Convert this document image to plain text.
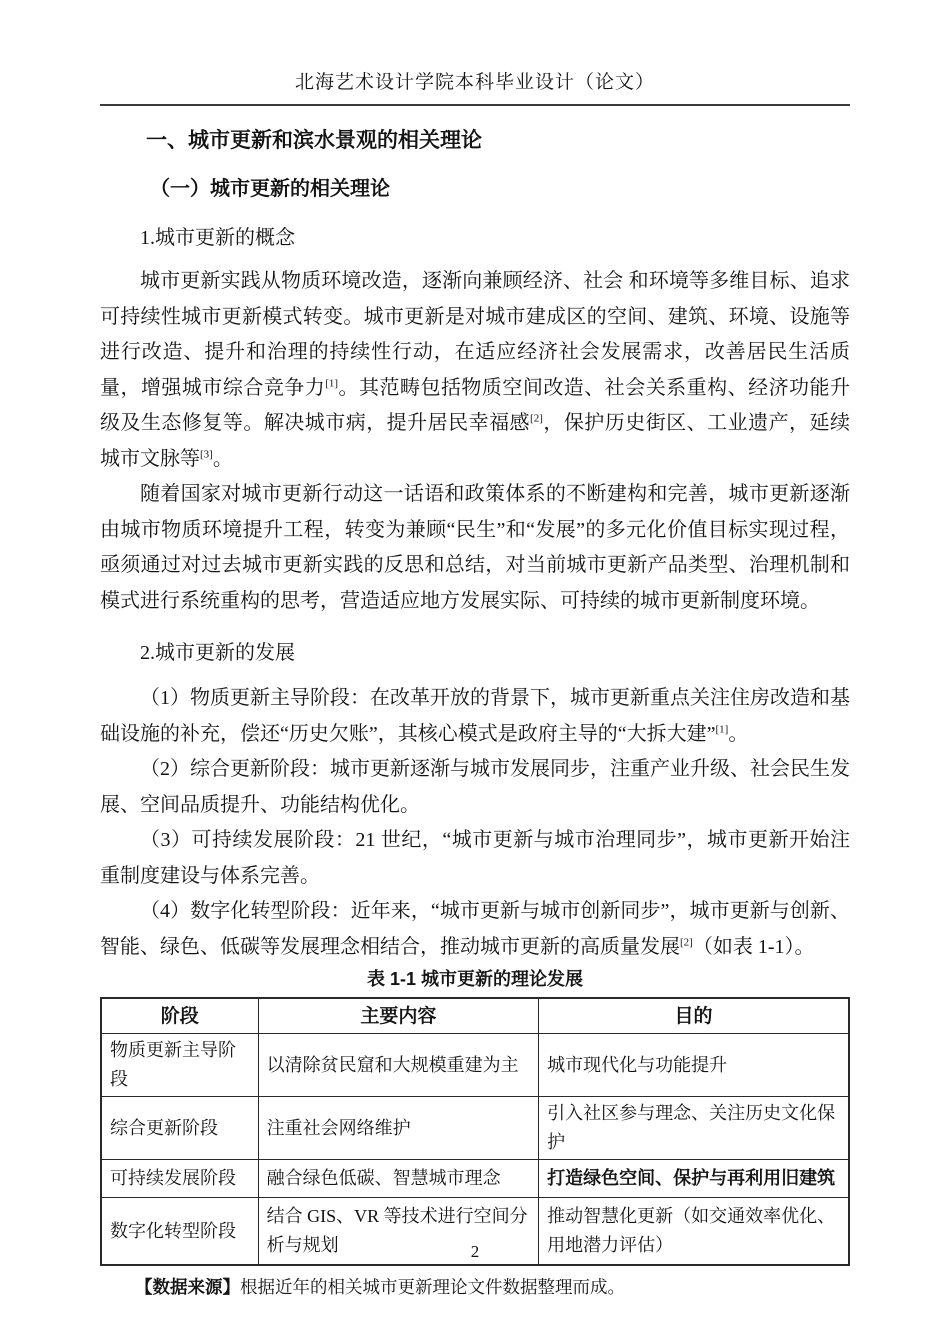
北海艺术设计学院本科毕业设计（论文）
一、城市更新和滨水景观的相关理论
（一）城市更新的相关理论
1.城市更新的概念

城市更新实践从物质环境改造，逐渐向兼顾经济、社会 和环境等多维目标、追求可持续性城市更新模式转变。城市更新是对城市建成区的空间、建筑、环境、设施等进行改造、提升和治理的持续性行动，在适应经济社会发展需求，改善居民生活质量，增强城市综合竞争力[1]。其范畴包括物质空间改造、社会关系重构、经济功能升级及生态修复等。解决城市病，提升居民幸福感[2]，保护历史街区、工业遗产，延续城市文脉等[3]。

随着国家对城市更新行动这一话语和政策体系的不断建构和完善，城市更新逐渐由城市物质环境提升工程，转变为兼顾“民生”和“发展”的多元化价值目标实现过程，亟须通过对过去城市更新实践的反思和总结，对当前城市更新产品类型、治理机制和模式进行系统重构的思考，营造适应地方发展实际、可持续的城市更新制度环境。

2.城市更新的发展

（1）物质更新主导阶段：在改革开放的背景下，城市更新重点关注住房改造和基础设施的补充，偿还“历史欠账”，其核心模式是政府主导的“大拆大建”[1]。

（2）综合更新阶段：城市更新逐渐与城市发展同步，注重产业升级、社会民生发展、空间品质提升、功能结构优化。

（3）可持续发展阶段：21 世纪，“城市更新与城市治理同步”，城市更新开始注重制度建设与体系完善。

（4）数字化转型阶段：近年来，“城市更新与城市创新同步”，城市更新与创新、智能、绿色、低碳等发展理念相结合，推动城市更新的高质量发展[2]（如表 1-1）。

表 1-1 城市更新的理论发展
阶段	主要内容	目的
物质更新主导阶段	以清除贫民窟和大规模重建为主	城市现代化与功能提升
综合更新阶段	注重社会网络维护	引入社区参与理念、关注历史文化保护
可持续发展阶段	融合绿色低碳、智慧城市理念	打造绿色空间、保护与再利用旧建筑
数字化转型阶段	结合 GIS、VR 等技术进行空间分析与规划	推动智慧化更新（如交通效率优化、用地潜力评估）
【数据来源】根据近年的相关城市更新理论文件数据整理而成。
2
